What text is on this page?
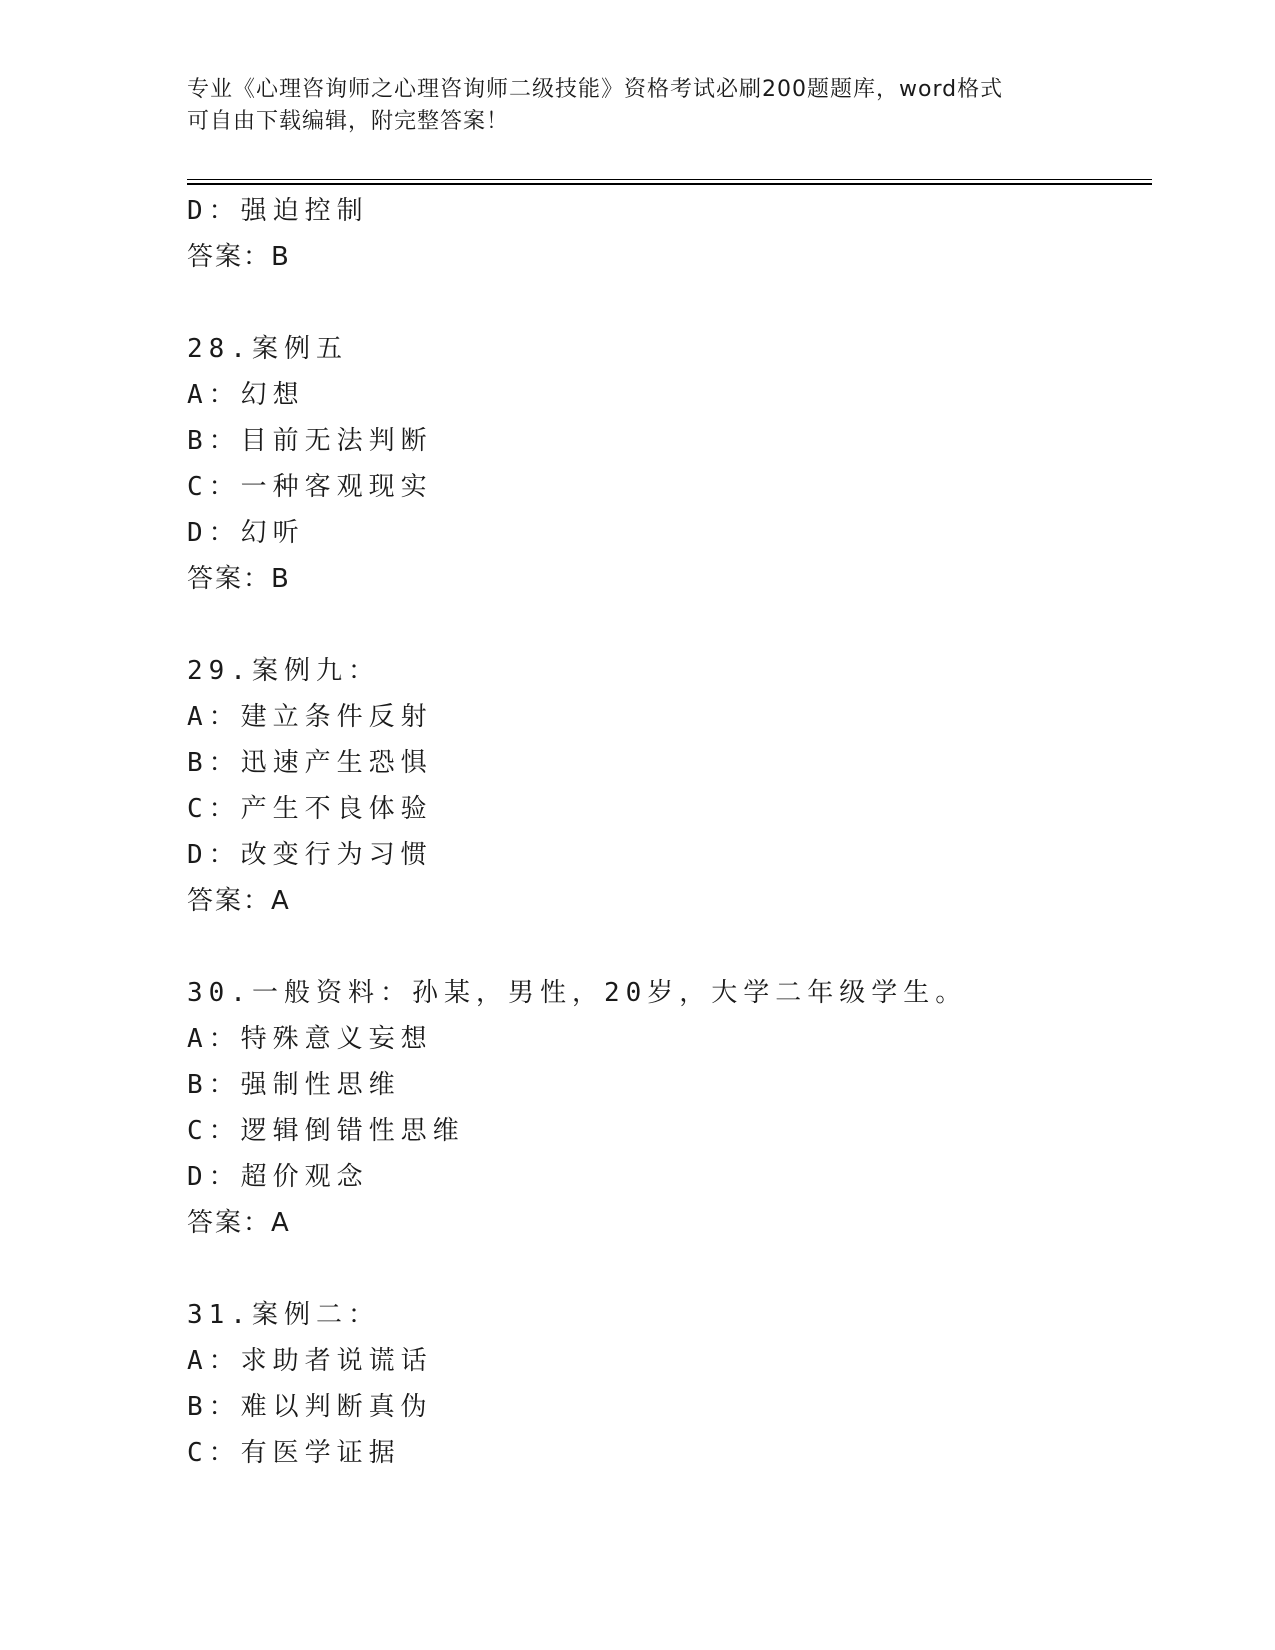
专业《心理咨询师之心理咨询师二级技能》资格考试必刷200题题库，word格式
可自由下载编辑，附完整答案！
D：强迫控制
答案：B
28.案例五
A：幻想
B：目前无法判断
C：一种客观现实
D：幻听
答案：B
29.案例九：
A：建立条件反射
B：迅速产生恐惧
C：产生不良体验
D：改变行为习惯
答案：A
30.一般资料：孙某，男性，20岁，大学二年级学生。
A：特殊意义妄想
B：强制性思维
C：逻辑倒错性思维
D：超价观念
答案：A
31.案例二：
A：求助者说谎话
B：难以判断真伪
C：有医学证据
